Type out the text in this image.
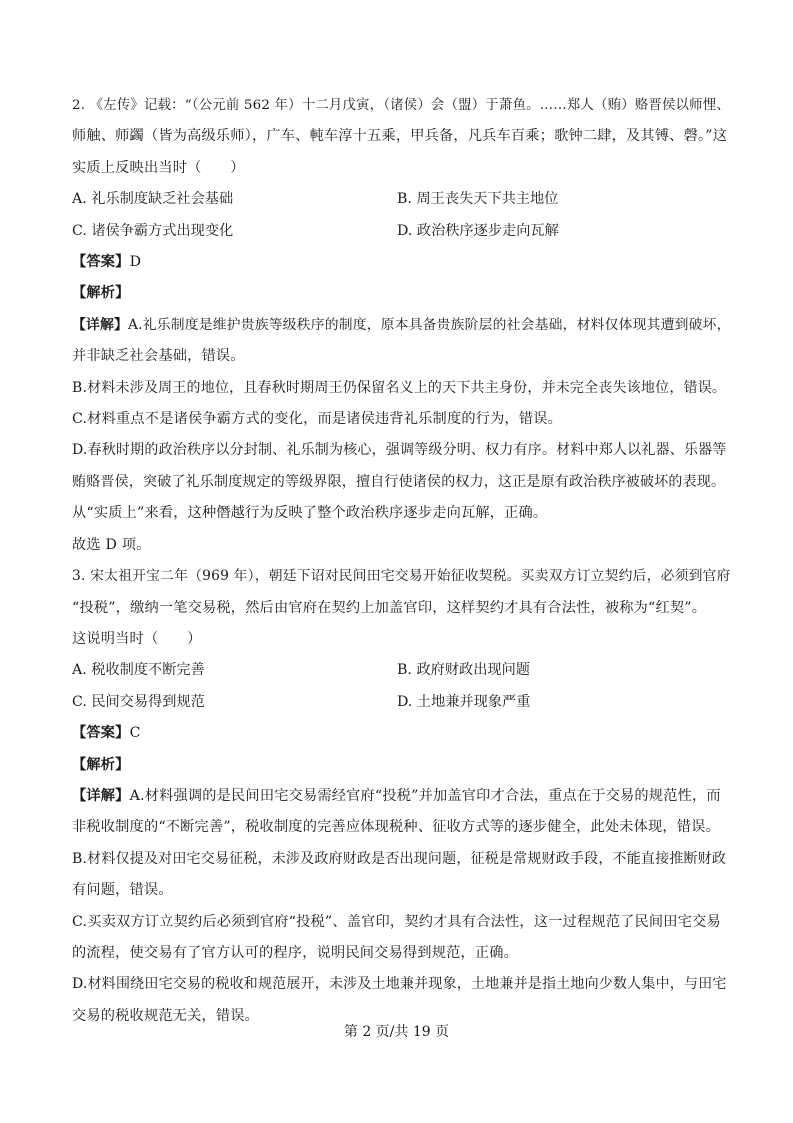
2. 《左传》记载：“（公元前 562 年）十二月戊寅，（诸侯）会（盟）于萧鱼。……郑人（贿）赂晋侯以师悝、
师触、师蠲（皆为高级乐师），广车、軘车淳十五乘，甲兵备，凡兵车百乘；歌钟二肆，及其镈、磬。”这
实质上反映出当时（　　）
A. 礼乐制度缺乏社会基础	B. 周王丧失天下共主地位
C. 诸侯争霸方式出现变化	D. 政治秩序逐步走向瓦解
【答案】D
【解析】
【详解】A.礼乐制度是维护贵族等级秩序的制度，原本具备贵族阶层的社会基础，材料仅体现其遭到破坏，
并非缺乏社会基础，错误。
B.材料未涉及周王的地位，且春秋时期周王仍保留名义上的天下共主身份，并未完全丧失该地位，错误。
C.材料重点不是诸侯争霸方式的变化，而是诸侯违背礼乐制度的行为，错误。
D.春秋时期的政治秩序以分封制、礼乐制为核心，强调等级分明、权力有序。材料中郑人以礼器、乐器等
贿赂晋侯，突破了礼乐制度规定的等级界限，擅自行使诸侯的权力，这正是原有政治秩序被破坏的表现。
从“实质上”来看，这种僭越行为反映了整个政治秩序逐步走向瓦解，正确。
故选 D 项。
3. 宋太祖开宝二年（969 年），朝廷下诏对民间田宅交易开始征收契税。买卖双方订立契约后，必须到官府
“投税”，缴纳一笔交易税，然后由官府在契约上加盖官印，这样契约才具有合法性，被称为“红契”。
这说明当时（　　）
A. 税收制度不断完善	B. 政府财政出现问题
C. 民间交易得到规范	D. 土地兼并现象严重
【答案】C
【解析】
【详解】A.材料强调的是民间田宅交易需经官府“投税”并加盖官印才合法，重点在于交易的规范性，而
非税收制度的“不断完善”，税收制度的完善应体现税种、征收方式等的逐步健全，此处未体现，错误。
B.材料仅提及对田宅交易征税，未涉及政府财政是否出现问题，征税是常规财政手段，不能直接推断财政
有问题，错误。
C.买卖双方订立契约后必须到官府“投税”、盖官印，契约才具有合法性，这一过程规范了民间田宅交易
的流程，使交易有了官方认可的程序，说明民间交易得到规范，正确。
D.材料围绕田宅交易的税收和规范展开，未涉及土地兼并现象，土地兼并是指土地向少数人集中，与田宅
交易的税收规范无关，错误。
第 2 页/共 19 页
